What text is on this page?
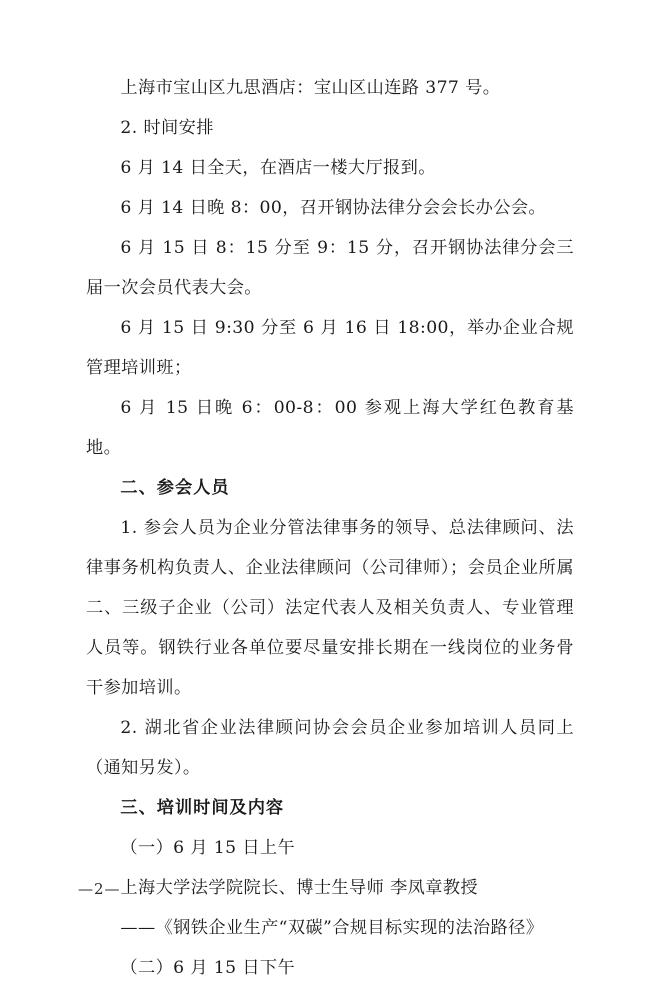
上海市宝山区九思酒店：宝山区山连路 377 号。

2. 时间安排

6 月 14 日全天，在酒店一楼大厅报到。

6 月 14 日晚 8：00，召开钢协法律分会会长办公会。

6 月 15 日 8：15 分至 9：15 分，召开钢协法律分会三届一次会员代表大会。

6 月 15 日 9:30 分至 6 月 16 日 18:00，举办企业合规管理培训班；

6 月 15 日晚 6：00-8：00 参观上海大学红色教育基地。

二、参会人员

1. 参会人员为企业分管法律事务的领导、总法律顾问、法律事务机构负责人、企业法律顾问（公司律师）；会员企业所属二、三级子企业（公司）法定代表人及相关负责人、专业管理人员等。钢铁行业各单位要尽量安排长期在一线岗位的业务骨干参加培训。

2. 湖北省企业法律顾问协会会员企业参加培训人员同上（通知另发）。

三、培训时间及内容

（一）6 月 15 日上午

上海大学法学院院长、博士生导师 李凤章教授

——《钢铁企业生产“双碳”合规目标实现的法治路径》

（二）6 月 15 日下午

—2—
